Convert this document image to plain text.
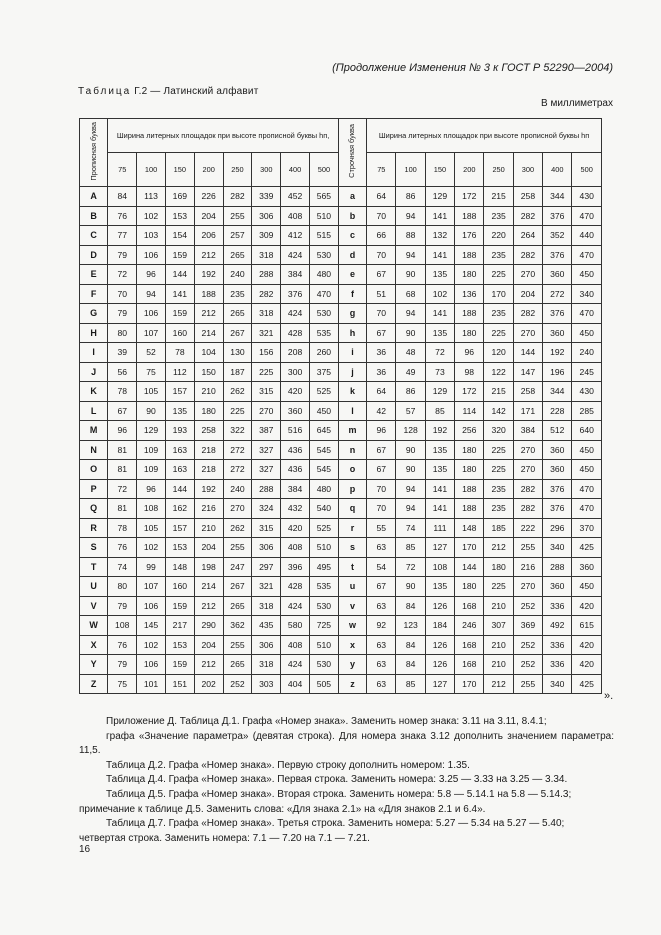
(Продолжение Изменения № 3 к ГОСТ Р 52290—2004)
Таблица Г.2 — Латинский алфавит
В миллиметрах
Прописная буква	Ширина литерных площадок при высоте прописной буквы hп,								Строчная буква	Ширина литерных площадок при высоте прописной буквы hп							
	75	100	150	200	250	300	400	500		75	100	150	200	250	300	400	500
A	84	113	169	226	282	339	452	565	a	64	86	129	172	215	258	344	430
B	76	102	153	204	255	306	408	510	b	70	94	141	188	235	282	376	470
C	77	103	154	206	257	309	412	515	c	66	88	132	176	220	264	352	440
D	79	106	159	212	265	318	424	530	d	70	94	141	188	235	282	376	470
E	72	96	144	192	240	288	384	480	e	67	90	135	180	225	270	360	450
F	70	94	141	188	235	282	376	470	f	51	68	102	136	170	204	272	340
G	79	106	159	212	265	318	424	530	g	70	94	141	188	235	282	376	470
H	80	107	160	214	267	321	428	535	h	67	90	135	180	225	270	360	450
I	39	52	78	104	130	156	208	260	i	36	48	72	96	120	144	192	240
J	56	75	112	150	187	225	300	375	j	36	49	73	98	122	147	196	245
K	78	105	157	210	262	315	420	525	k	64	86	129	172	215	258	344	430
L	67	90	135	180	225	270	360	450	l	42	57	85	114	142	171	228	285
M	96	129	193	258	322	387	516	645	m	96	128	192	256	320	384	512	640
N	81	109	163	218	272	327	436	545	n	67	90	135	180	225	270	360	450
O	81	109	163	218	272	327	436	545	o	67	90	135	180	225	270	360	450
P	72	96	144	192	240	288	384	480	p	70	94	141	188	235	282	376	470
Q	81	108	162	216	270	324	432	540	q	70	94	141	188	235	282	376	470
R	78	105	157	210	262	315	420	525	r	55	74	111	148	185	222	296	370
S	76	102	153	204	255	306	408	510	s	63	85	127	170	212	255	340	425
T	74	99	148	198	247	297	396	495	t	54	72	108	144	180	216	288	360
U	80	107	160	214	267	321	428	535	u	67	90	135	180	225	270	360	450
V	79	106	159	212	265	318	424	530	v	63	84	126	168	210	252	336	420
W	108	145	217	290	362	435	580	725	w	92	123	184	246	307	369	492	615
X	76	102	153	204	255	306	408	510	x	63	84	126	168	210	252	336	420
Y	79	106	159	212	265	318	424	530	y	63	84	126	168	210	252	336	420
Z	75	101	151	202	252	303	404	505	z	63	85	127	170	212	255	340	425
».

Приложение Д. Таблица Д.1. Графа «Номер знака». Заменить номер знака: 3.11 на 3.11, 8.4.1;

графа «Значение параметра» (девятая строка). Для номера знака 3.12 дополнить значением параметра: 11,5.

Таблица Д.2. Графа «Номер знака». Первую строку дополнить номером: 1.35.

Таблица Д.4. Графа «Номер знака». Первая строка. Заменить номера: 3.25 — 3.33 на 3.25 — 3.34.

Таблица Д.5. Графа «Номер знака». Вторая строка. Заменить номера: 5.8 — 5.14.1 на 5.8 — 5.14.3;

примечание к таблице Д.5. Заменить слова: «Для знака 2.1» на «Для знаков 2.1 и 6.4».

Таблица Д.7. Графа «Номер знака». Третья строка. Заменить номера: 5.27 — 5.34 на 5.27 — 5.40;

четвертая строка. Заменить номера: 7.1 — 7.20 на 7.1 — 7.21.

16
